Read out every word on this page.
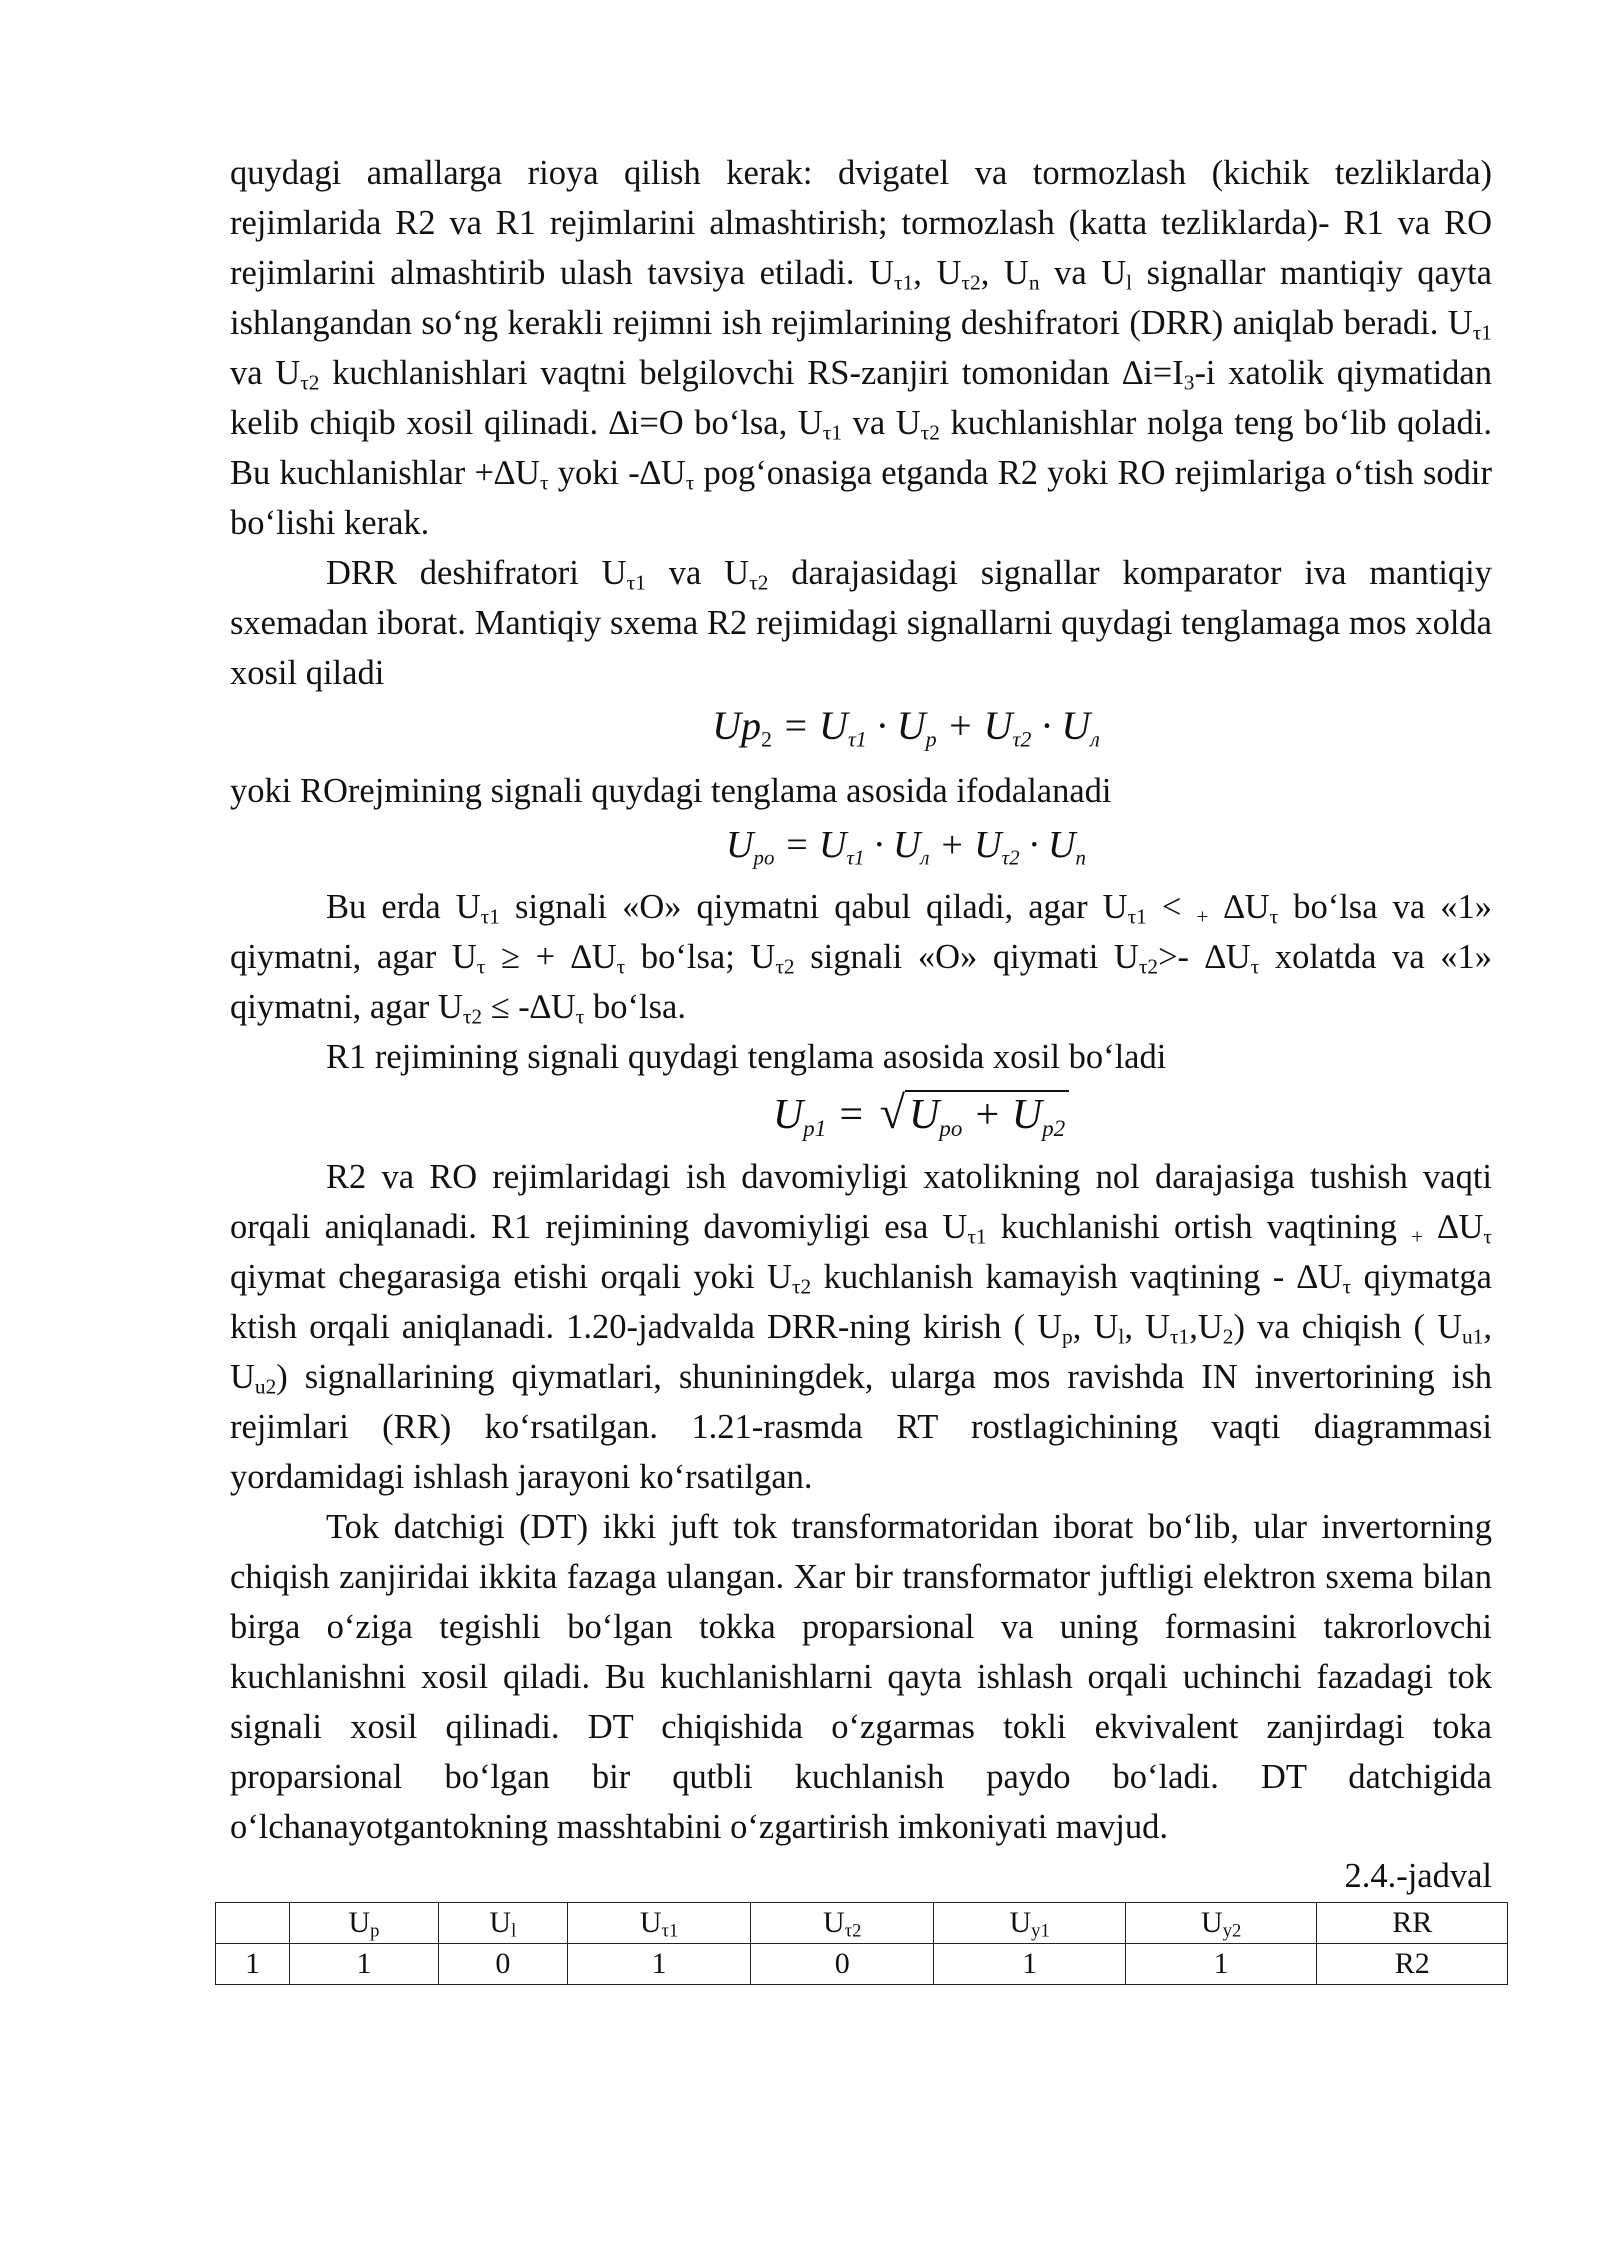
quydagi amallarga rioya qilish kerak: dvigatel va tormozlash (kichik tezliklarda) rejimlarida R2 va R1 rejimlarini almashtirish; tormozlash (katta tezliklarda)- R1 va RO rejimlarini almashtirib ulash tavsiya etiladi. $U_{\tau 1}$, $U_{\tau 2}$, $U_n$ va $U_l$ signallar mantiqiy qayta ishlangandan so‘ng kerakli rejimni ish rejimlarining deshifratori (DRR) aniqlab beradi. $U_{\tau 1}$ va $U_{\tau 2}$ kuchlanishlari vaqtni belgilovchi RS-zanjiri tomonidan $\Delta i=I_3-i$ xatolik qiymatidan kelib chiqib xosil qilinadi. ∆i=O bo‘lsa, $U_{\tau 1}$ va $U_{\tau 2}$ kuchlanishlar nolga teng bo‘lib qoladi. Bu kuchlanishlar $+\Delta U_\tau$ yoki $-\Delta U_\tau$ pog‘onasiga etganda R2 yoki RO rejimlariga o‘tish sodir bo‘lishi kerak.

DRR deshifratori $U_{\tau 1}$ va $U_{\tau 2}$ darajasidagi signallar komparator iva mantiqiy sxemadan iborat. Mantiqiy sxema R2 rejimidagi signallarni quydagi tenglamaga mos xolda xosil qiladi

$Up_2 = U_{\tau 1} \cdot U_p + U_{\tau 2} \cdot U_л$

yoki ROrejmining signali quydagi tenglama asosida ifodalanadi

$U_{po} = U_{\tau 1} \cdot U_л + U_{\tau 2} \cdot U_п$

Bu erda $U_{\tau 1}$ signali «O» qiymatni qabul qiladi, agar $U_{\tau 1} < _+$ $\Delta U_\tau$ bo‘lsa va «1» qiymatni, agar $U_\tau$ ≥ + $\Delta U_\tau$ bo‘lsa; $U_{\tau 2}$ signali «O» qiymati $U_{\tau 2}>-$ $\Delta U_\tau$ xolatda va «1» qiymatni, agar $U_{\tau 2} \le -\Delta U_\tau$ bo‘lsa.

R1 rejimining signali quydagi tenglama asosida xosil bo‘ladi

$U_{p1} = √U_{po} + U_{p2}$

R2 va RO rejimlaridagi ish davomiyligi xatolikning nol darajasiga tushish vaqti orqali aniqlanadi. R1 rejimining davomiyligi esa $U_{\tau 1}$ kuchlanishi ortish vaqtining $_+$ $\Delta U_\tau$ qiymat chegarasiga etishi orqali yoki $U_{\tau 2}$ kuchlanish kamayish vaqtining - $\Delta U_\tau$ qiymatga ktish orqali aniqlanadi. 1.20-jadvalda DRR-ning kirish ( $U_p$, $U_l$, $U_{\tau 1},U_2$) va chiqish ( $U_{u1}$, $U_{u2}$) signallarining qiymatlari, shuniningdek, ularga mos ravishda IN invertorining ish rejimlari (RR) ko‘rsatilgan. 1.21-rasmda RT rostlagichining vaqti diagrammasi yordamidagi ishlash jarayoni ko‘rsatilgan.

Tok datchigi (DT) ikki juft tok transformatoridan iborat bo‘lib, ular invertorning chiqish zanjiridai ikkita fazaga ulangan. Xar bir transformator juftligi elektron sxema bilan birga o‘ziga tegishli bo‘lgan tokka proparsional va uning formasini takrorlovchi kuchlanishni xosil qiladi. Bu kuchlanishlarni qayta ishlash orqali uchinchi fazadagi tok signali xosil qilinadi. DT chiqishida o‘zgarmas tokli ekvivalent zanjirdagi toka proparsional bo‘lgan bir qutbli kuchlanish paydo bo‘ladi. DT datchigida o‘lchanayotgantokning masshtabini o‘zgartirish imkoniyati mavjud.

2.4.-jadval
	$U_p$	$U_l$	$U_{\tau 1}$	$U_{\tau 2}$	$U_{y1}$	$U_{y2}$	RR
1	1	0	1	0	1	1	R2
